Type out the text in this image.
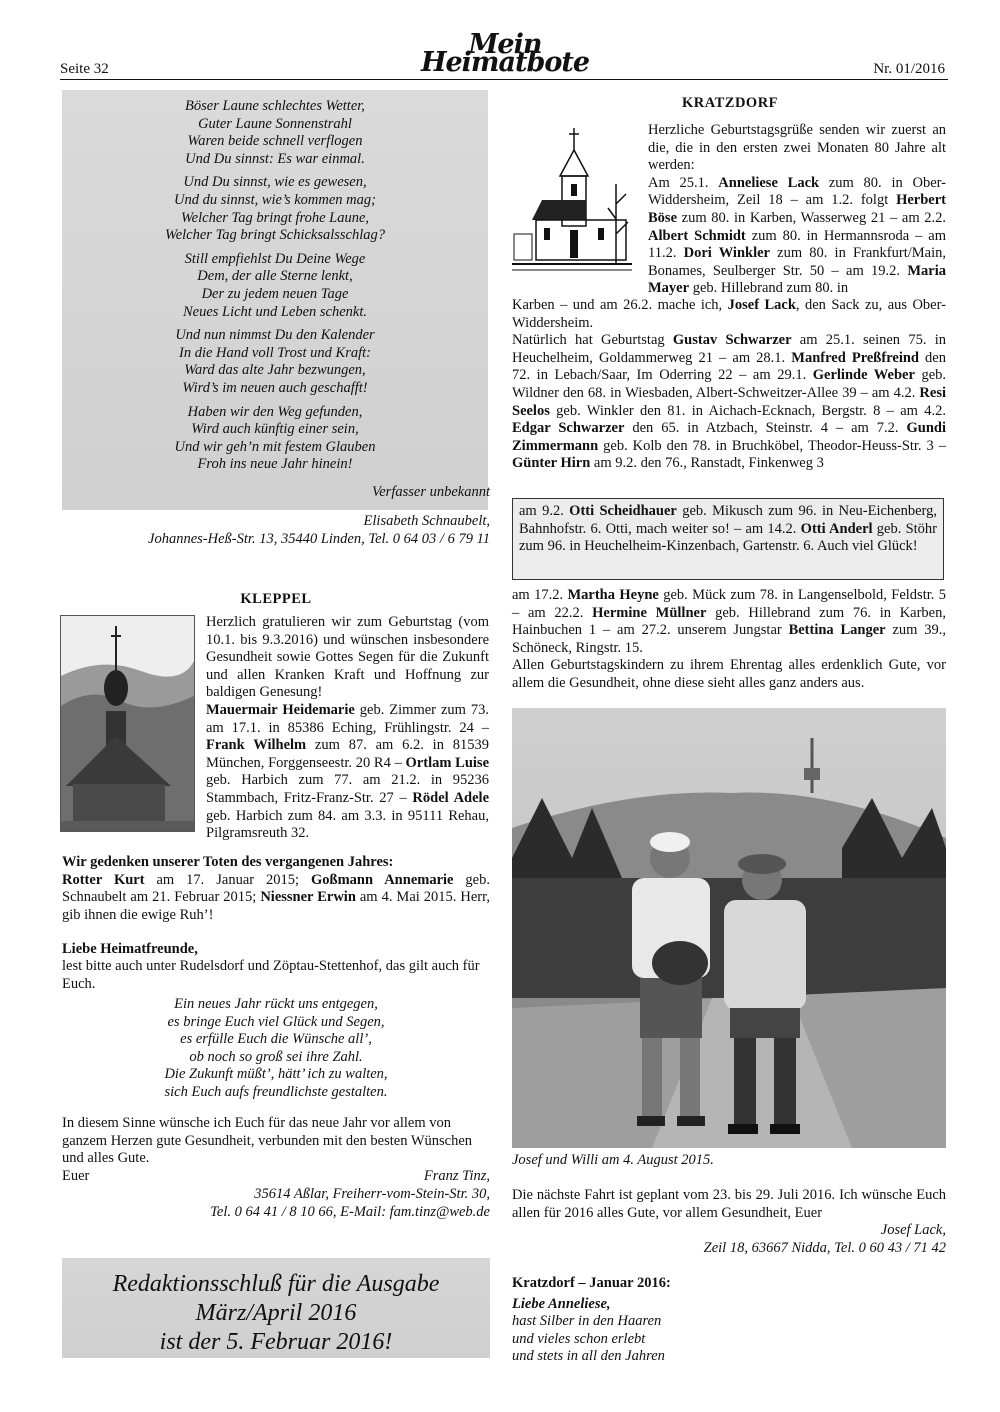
Seite 32
Mein Heimatbote	Nr. 01/2016
Böser Laune schlechtes Wetter,
Guter Laune Sonnenstrahl
Waren beide schnell verflogen
Und Du sinnst: Es war einmal.
Und Du sinnst, wie es gewesen,
Und du sinnst, wie’s kommen mag;
Welcher Tag bringt frohe Laune,
Welcher Tag bringt Schicksalsschlag?
Still empfiehlst Du Deine Wege
Dem, der alle Sterne lenkt,
Der zu jedem neuen Tage
Neues Licht und Leben schenkt.
Und nun nimmst Du den Kalender
In die Hand voll Trost und Kraft:
Ward das alte Jahr bezwungen,
Wird’s im neuen auch geschafft!
Haben wir den Weg gefunden,
Wird auch künftig einer sein,
Und wir geh’n mit festem Glauben
Froh ins neue Jahr hinein!
Verfasser unbekannt
Elisabeth Schnaubelt,
Johannes-Heß-Str. 13, 35440 Linden, Tel. 0 64 03 / 6 79 11
KLEPPEL

Herzlich gratulieren wir zum Geburtstag (vom 10.1. bis 9.3.2016) und wünschen insbesondere Gesundheit sowie Gottes Segen für die Zukunft und allen Kranken Kraft und Hoffnung zur baldigen Genesung!

Mauermair Heidemarie geb. Zimmer zum 73. am 17.1. in 85386 Eching, Frühlingstr. 24 – Frank Wilhelm zum 87. am 6.2. in 81539 München, Forggenseestr. 20 R4 – Ortlam Luise geb. Harbich zum 77. am 21.2. in 95236 Stammbach, Fritz-Franz-Str. 27 – Rödel Adele geb. Harbich zum 84. am 3.3. in 95111 Rehau, Pilgramsreuth 32.

Wir gedenken unserer Toten des vergangenen Jahres:

Rotter Kurt am 17. Januar 2015; Goßmann Annemarie geb. Schnaubelt am 21. Februar 2015; Niessner Erwin am 4. Mai 2015. Herr, gib ihnen die ewige Ruh’!

Liebe Heimatfreunde,
lest bitte auch unter Rudelsdorf und Zöptau-Stettenhof, das gilt auch für Euch.
Ein neues Jahr rückt uns entgegen,
es bringe Euch viel Glück und Segen,
es erfülle Euch die Wünsche all’,
ob noch so groß sei ihre Zahl.
Die Zukunft müßt’, hätt’ ich zu walten,
sich Euch aufs freundlichste gestalten.
In diesem Sinne wünsche ich Euch für das neue Jahr vor allem von ganzem Herzen gute Gesundheit, verbunden mit den besten Wünschen und alles Gute.
Euer	Franz Tinz,
35614 Aßlar, Freiherr-vom-Stein-Str. 30,
Tel. 0 64 41 / 8 10 66, E-Mail: fam.tinz@web.de
Redaktionsschluß für die Ausgabe
März/April 2016
ist der 5. Februar 2016!
KRATZDORF

Herzliche Geburtstagsgrüße senden wir zuerst an die, die in den ersten zwei Monaten 80 Jahre alt werden:

Am 25.1. Anneliese Lack zum 80. in Ober-Widdersheim, Zeil 18 – am 1.2. folgt Herbert Böse zum 80. in Karben, Wasserweg 21 – am 2.2. Albert Schmidt zum 80. in Hermannsroda – am 11.2. Dori Winkler zum 80. in Frankfurt/Main, Bonames, Seulberger Str. 50 – am 19.2. Maria Mayer geb. Hillebrand zum 80. in

Karben – und am 26.2. mache ich, Josef Lack, den Sack zu, aus Ober-Widdersheim.

Natürlich hat Geburtstag Gustav Schwarzer am 25.1. seinen 75. in Heuchelheim, Goldammerweg 21 – am 28.1. Manfred Preßfreind den 72. in Lebach/Saar, Im Oderring 22 – am 29.1. Gerlinde Weber geb. Wildner den 68. in Wiesbaden, Albert-Schweitzer-Allee 39 – am 4.2. Resi Seelos geb. Winkler den 81. in Aichach-Ecknach, Bergstr. 8 – am 4.2. Edgar Schwarzer den 65. in Atzbach, Steinstr. 4 – am 7.2. Gundi Zimmermann geb. Kolb den 78. in Bruchköbel, Theodor-Heuss-Str. 3 – Günter Hirn am 9.2. den 76., Ranstadt, Finkenweg 3

am 9.2. Otti Scheidhauer geb. Mikusch zum 96. in Neu-Eichenberg, Bahnhofstr. 6. Otti, mach weiter so! – am 14.2. Otti Anderl geb. Stöhr zum 96. in Heuchelheim-Kinzenbach, Gartenstr. 6. Auch viel Glück!

am 17.2. Martha Heyne geb. Mück zum 78. in Langenselbold, Feldstr. 5 – am 22.2. Hermine Müllner geb. Hillebrand zum 76. in Karben, Hainbuchen 1 – am 27.2. unserem Jungstar Bettina Langer zum 39., Schöneck, Ringstr. 15.

Allen Geburtstagskindern zu ihrem Ehrentag alles erdenklich Gute, vor allem die Gesundheit, ohne diese sieht alles ganz anders aus.

Josef und Willi am 4. August 2015.
Die nächste Fahrt ist geplant vom 23. bis 29. Juli 2016. Ich wünsche Euch allen für 2016 alles Gute, vor allem Gesundheit, Euer
Josef Lack,
Zeil 18, 63667 Nidda, Tel. 0 60 43 / 71 42
Kratzdorf – Januar 2016:
Liebe Anneliese,
hast Silber in den Haaren
und vieles schon erlebt
und stets in all den Jahren
